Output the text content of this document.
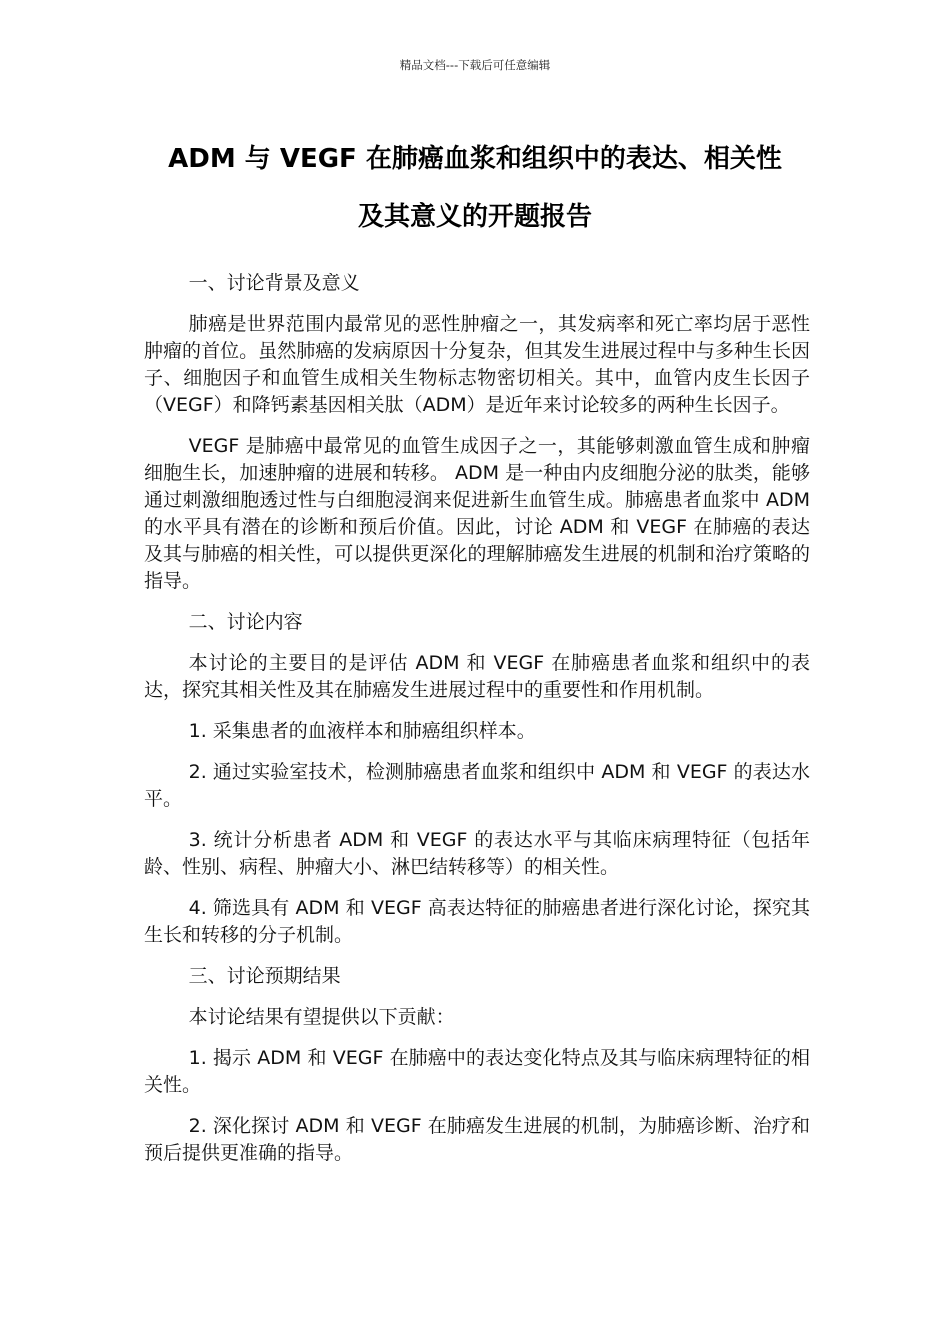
精品文档---下载后可任意编辑
ADM 与 VEGF 在肺癌血浆和组织中的表达、相关性
及其意义的开题报告

一、讨论背景及意义

肺癌是世界范围内最常见的恶性肿瘤之一，其发病率和死亡率均居于恶性肿瘤的首位。虽然肺癌的发病原因十分复杂，但其发生进展过程中与多种生长因子、细胞因子和血管生成相关生物标志物密切相关。其中，血管内皮生长因子（VEGF）和降钙素基因相关肽（ADM）是近年来讨论较多的两种生长因子。

VEGF 是肺癌中最常见的血管生成因子之一，其能够刺激血管生成和肿瘤细胞生长，加速肿瘤的进展和转移。 ADM 是一种由内皮细胞分泌的肽类，能够通过刺激细胞透过性与白细胞浸润来促进新生血管生成。肺癌患者血浆中 ADM 的水平具有潜在的诊断和预后价值。因此，讨论 ADM 和 VEGF 在肺癌的表达及其与肺癌的相关性，可以提供更深化的理解肺癌发生进展的机制和治疗策略的指导。

二、讨论内容

本讨论的主要目的是评估 ADM 和 VEGF 在肺癌患者血浆和组织中的表达，探究其相关性及其在肺癌发生进展过程中的重要性和作用机制。

1. 采集患者的血液样本和肺癌组织样本。

2. 通过实验室技术，检测肺癌患者血浆和组织中 ADM 和 VEGF 的表达水平。

3. 统计分析患者 ADM 和 VEGF 的表达水平与其临床病理特征（包括年龄、性别、病程、肿瘤大小、淋巴结转移等）的相关性。

4. 筛选具有 ADM 和 VEGF 高表达特征的肺癌患者进行深化讨论，探究其生长和转移的分子机制。

三、讨论预期结果

本讨论结果有望提供以下贡献：

1. 揭示 ADM 和 VEGF 在肺癌中的表达变化特点及其与临床病理特征的相关性。

2. 深化探讨 ADM 和 VEGF 在肺癌发生进展的机制，为肺癌诊断、治疗和预后提供更准确的指导。
